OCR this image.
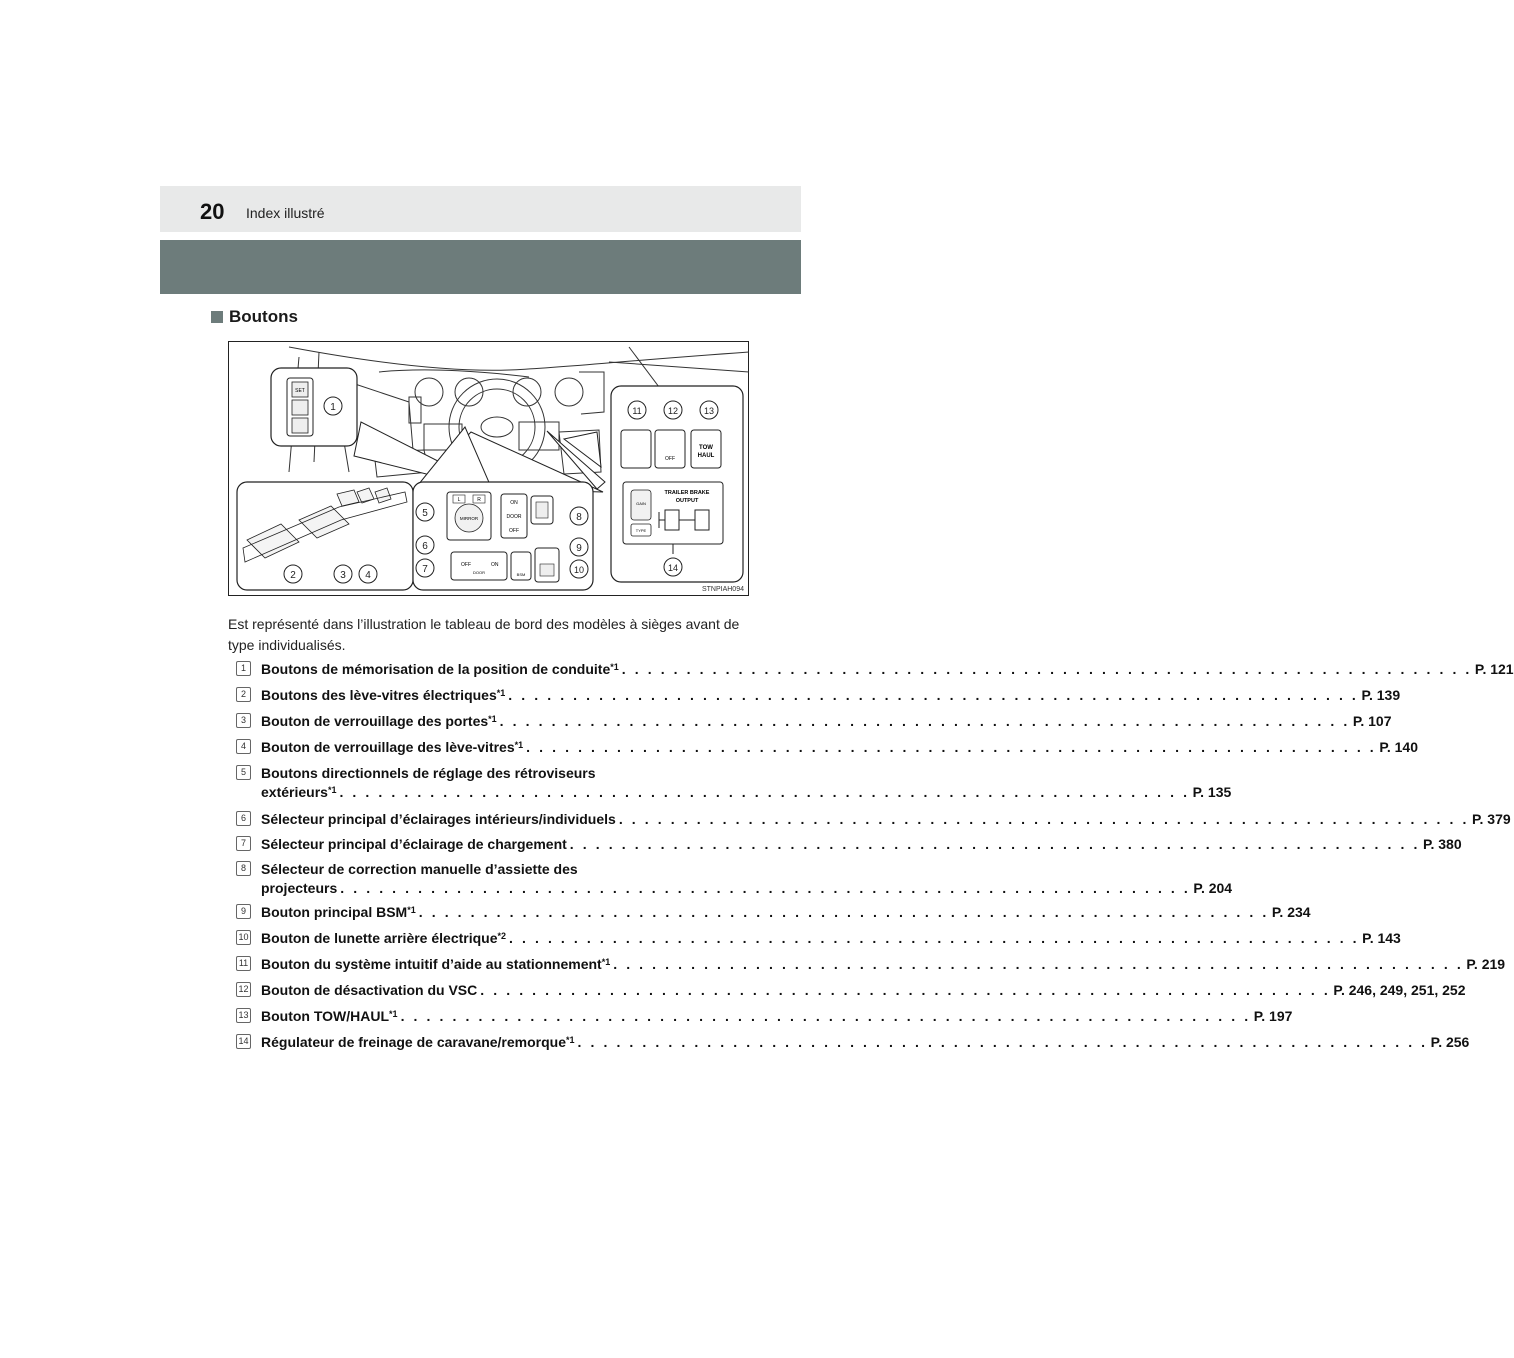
20 Index illustré
Boutons
SET
MIRROR
L	R	ON
DOOR
OFF
OFF	ON
DOOR	BSM
OFF
TOW
HAUL
TRAILER BRAKE
OUTPUT
GAIN
TYPE
1
2	3 4
5
6
7
8
9
10
11	12	13
14
STNPIAH094
Est représenté dans l’illustration le tableau de bord des modèles à sièges avant de type individualisés.
1	Boutons de mémorisation de la position de conduite$^{*1}$ . . .	P. 121
2	Boutons des lève-vitres électriques$^{*1}$ . . .	P. 139
3	Bouton de verrouillage des portes$^{*1}$ . . .	P. 107
4	Bouton de verrouillage des lève-vitres$^{*1}$ . . .	P. 140
5	Boutons directionnels de réglage des rétroviseurs
extérieurs$^{*1}$ . . .	P. 135
6	Sélecteur principal d’éclairages intérieurs/individuels . . .	P. 379
7	Sélecteur principal d’éclairage de chargement . . .	P. 380
8	Sélecteur de correction manuelle d’assiette des
projecteurs . . .	P. 204
9	Bouton principal BSM$^{*1}$ . . .	P. 234
10 Bouton de lunette arrière électrique$^{*2}$ . . .	P. 143
11 Bouton du système intuitif d’aide au stationnement$^{*1}$ . . .	P. 219
12 Bouton de désactivation du VSC . . .	P. 246, 249, 251, 252
13 Bouton TOW/HAUL$^{*1}$ . . .	P. 197
14 Régulateur de freinage de caravane/remorque$^{*1}$ . . .	P. 256
